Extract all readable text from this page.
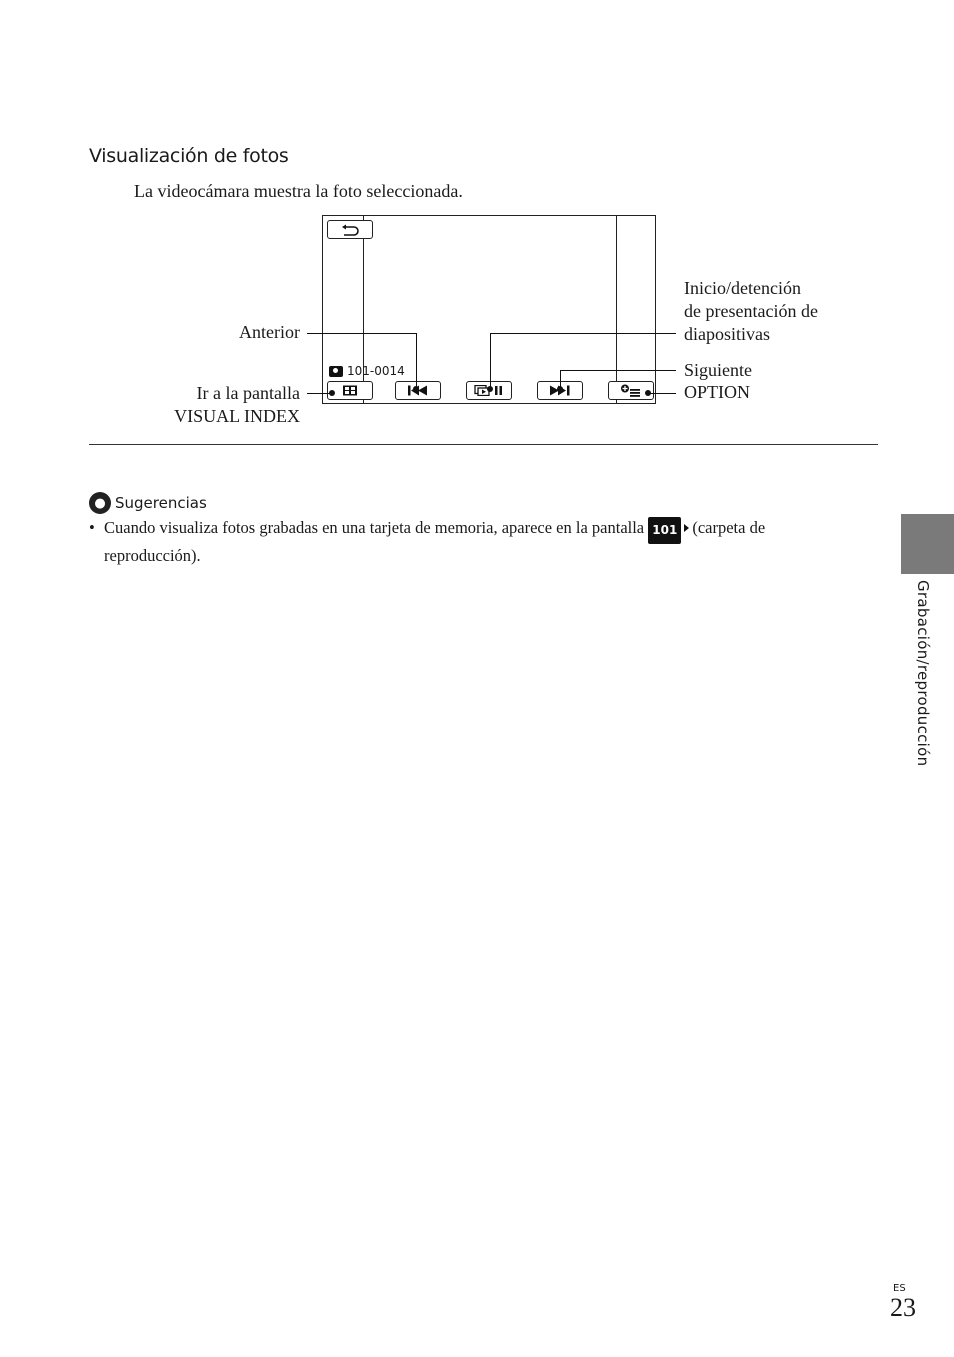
Visualización de fotos
La videocámara muestra la foto seleccionada.
101-0014
Anterior
Ir a la pantalla
VISUAL INDEX
Inicio/detención
de presentación de
diapositivas
Siguiente
OPTION
● Sugerencias
• Cuando visualiza fotos grabadas en una tarjeta de memoria, aparece en la pantalla 101 (carpeta de reproducción).
Grabación/reproducción
ES
23
